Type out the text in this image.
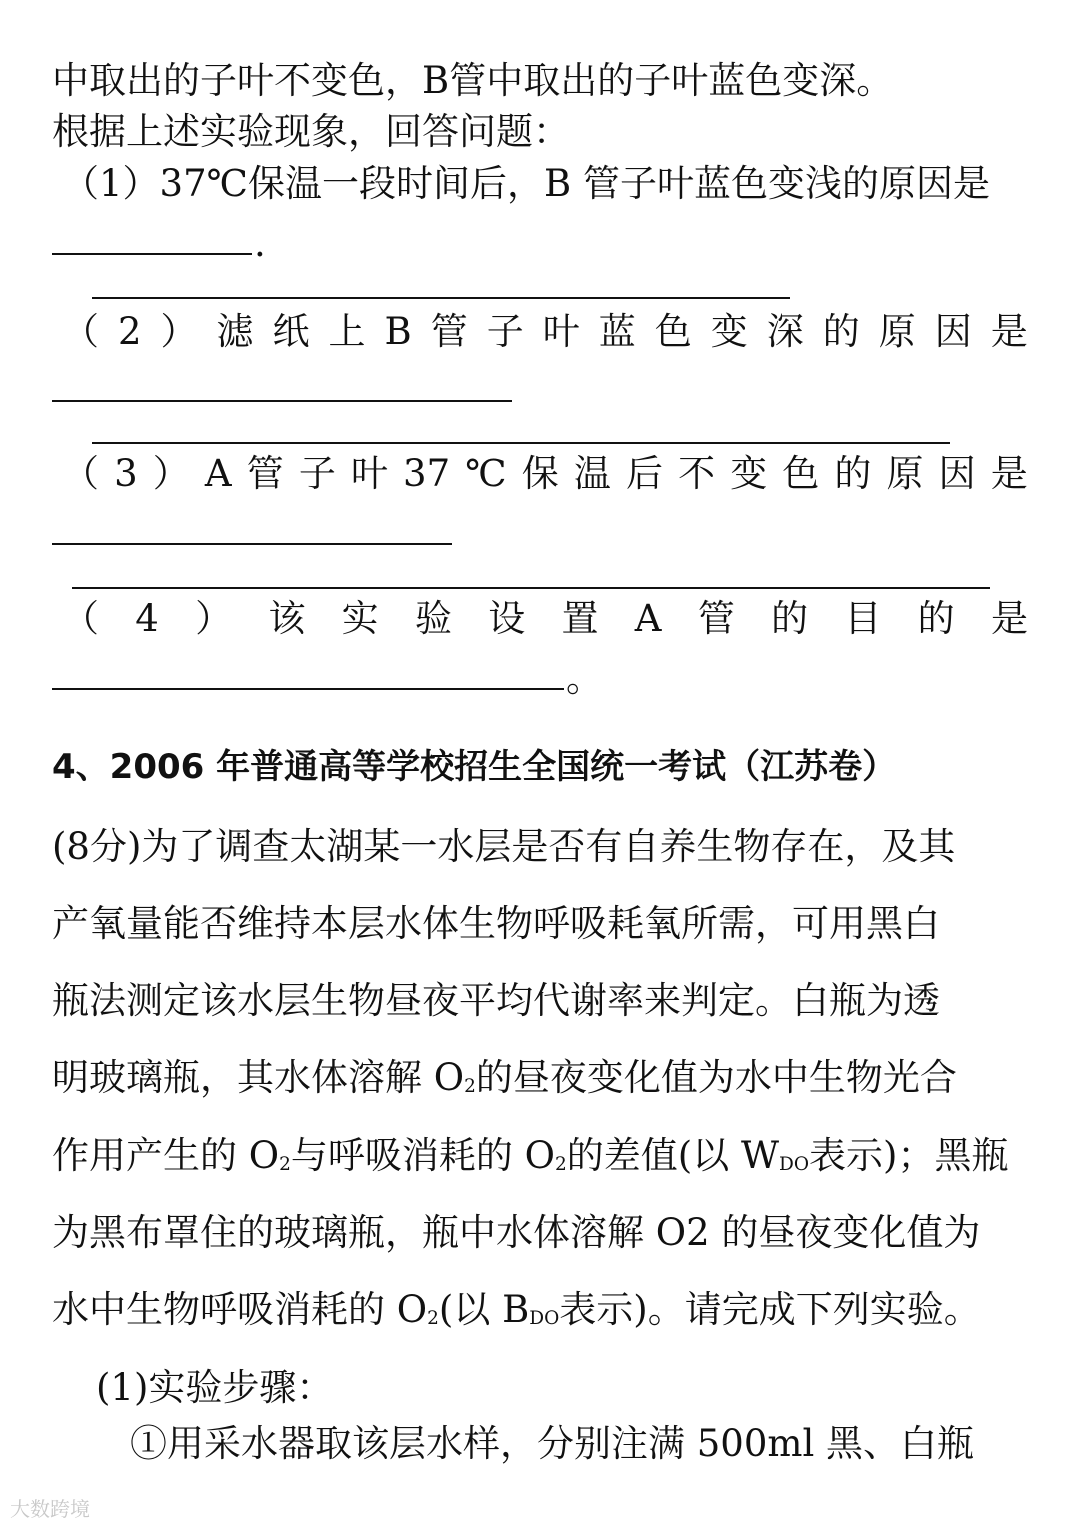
中取出的子叶不变色，B管中取出的子叶蓝色变深。
根据上述实验现象，回答问题：
（1）37℃保温一段时间后，B 管子叶蓝色变浅的原因是
.
（ 2 ） 滤 纸 上 B 管 子 叶 蓝 色 变 深 的 原 因 是
（ 3 ） A 管 子 叶 37 ℃ 保 温 后 不 变 色 的 原 因 是
（ 4 ） 该 实 验 设 置 A 管 的 目 的 是
。
4、2006 年普通高等学校招生全国统一考试（江苏卷）
(8分)为了调查太湖某一水层是否有自养生物存在，及其
产氧量能否维持本层水体生物呼吸耗氧所需，可用黑白
瓶法测定该水层生物昼夜平均代谢率来判定。白瓶为透
明玻璃瓶，其水体溶解 $O_2$的昼夜变化值为水中生物光合
作用产生的 $O_2$与呼吸消耗的 $O_2$的差值(以 $W_{DO}$表示)；黑瓶
为黑布罩住的玻璃瓶，瓶中水体溶解 O2 的昼夜变化值为
水中生物呼吸消耗的 $O_2$(以 $B_{DO}$表示)。请完成下列实验。
(1)实验步骤：
①用采水器取该层水样，分别注满 500ml 黑、白瓶
大数跨境
